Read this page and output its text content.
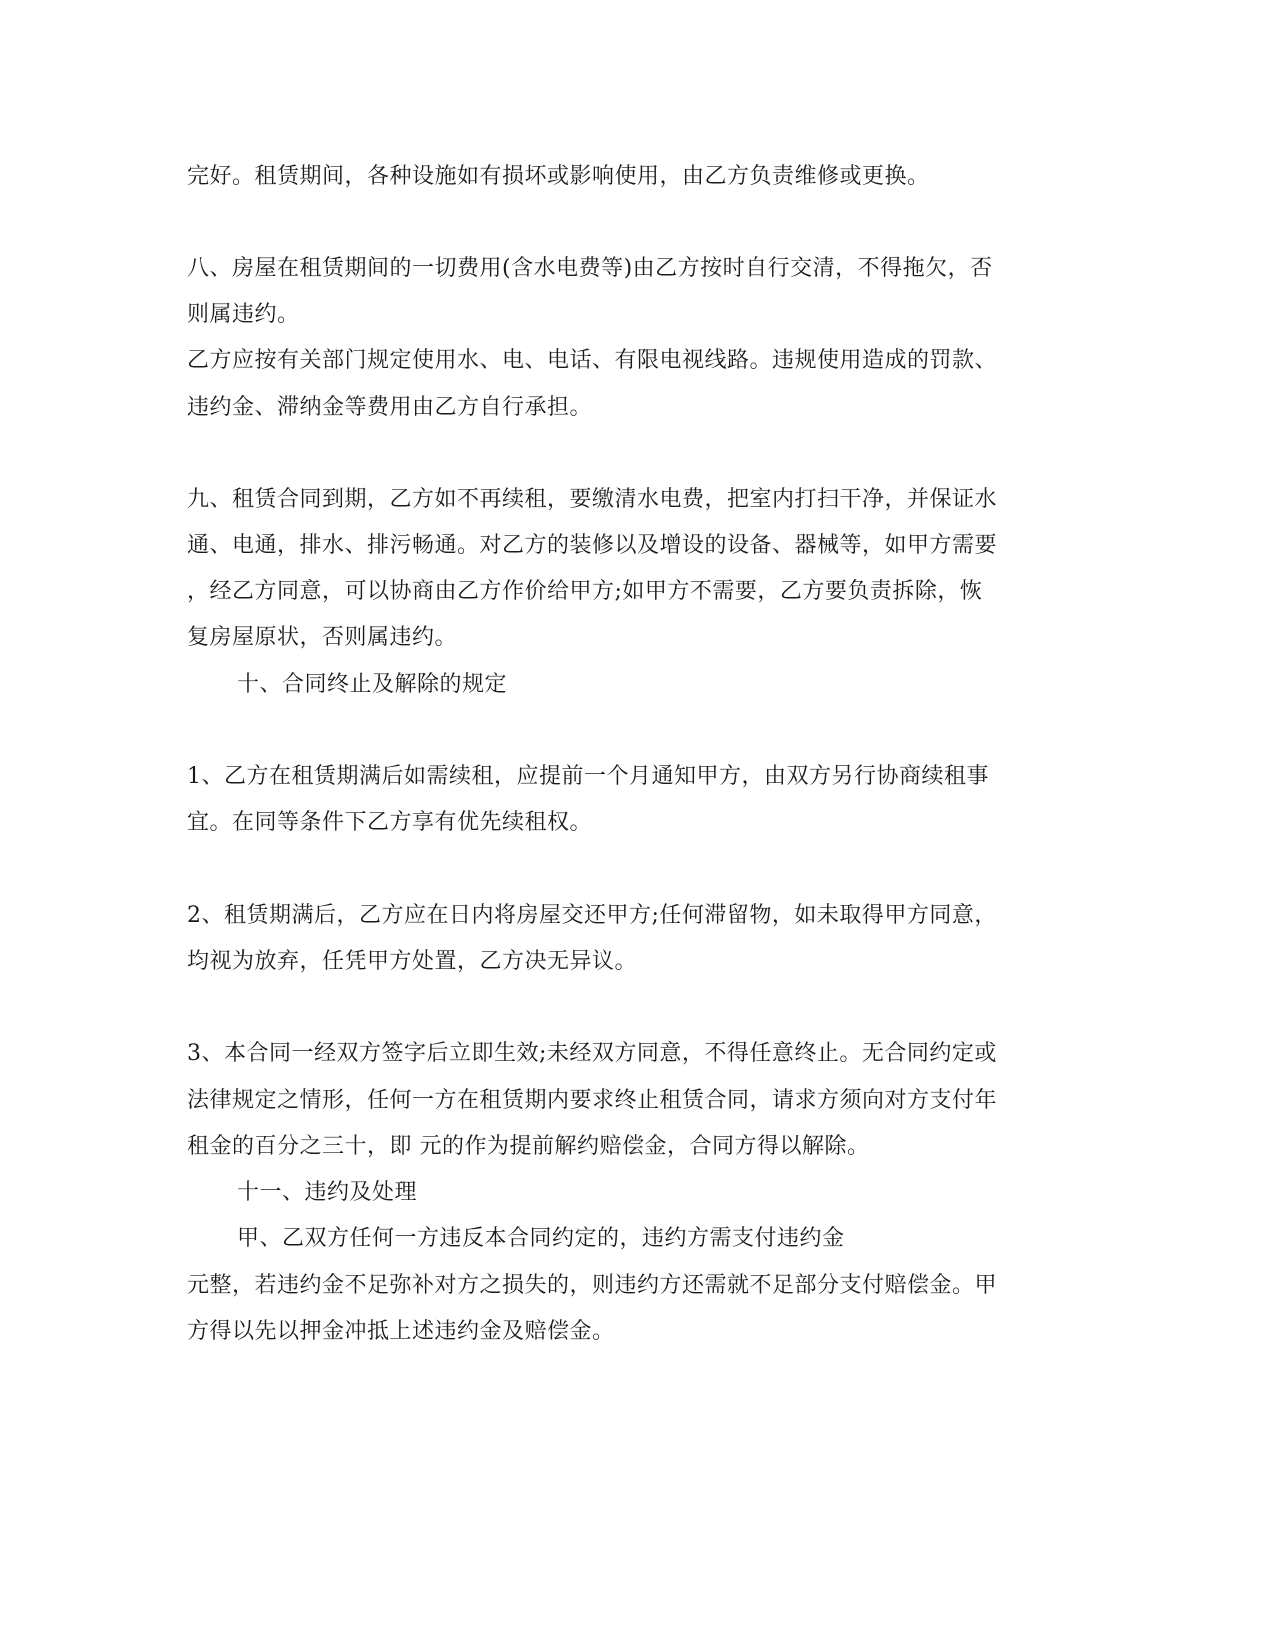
完好。租赁期间，各种设施如有损坏或影响使用，由乙方负责维修或更换。
八、房屋在租赁期间的一切费用(含水电费等)由乙方按时自行交清，不得拖欠，否
则属违约。
乙方应按有关部门规定使用水、电、电话、有限电视线路。违规使用造成的罚款、
违约金、滞纳金等费用由乙方自行承担。
九、租赁合同到期，乙方如不再续租，要缴清水电费，把室内打扫干净，并保证水
通、电通，排水、排污畅通。对乙方的装修以及增设的设备、器械等，如甲方需要
，经乙方同意，可以协商由乙方作价给甲方;如甲方不需要，乙方要负责拆除，恢
复房屋原状，否则属违约。
十、合同终止及解除的规定
1、乙方在租赁期满后如需续租，应提前一个月通知甲方，由双方另行协商续租事
宜。在同等条件下乙方享有优先续租权。
2、租赁期满后，乙方应在日内将房屋交还甲方;任何滞留物，如未取得甲方同意，
均视为放弃，任凭甲方处置，乙方决无异议。
3、本合同一经双方签字后立即生效;未经双方同意，不得任意终止。无合同约定或
法律规定之情形，任何一方在租赁期内要求终止租赁合同，请求方须向对方支付年
租金的百分之三十，即 元的作为提前解约赔偿金，合同方得以解除。
十一、违约及处理
甲、乙双方任何一方违反本合同约定的，违约方需支付违约金
元整，若违约金不足弥补对方之损失的，则违约方还需就不足部分支付赔偿金。甲
方得以先以押金冲抵上述违约金及赔偿金。
